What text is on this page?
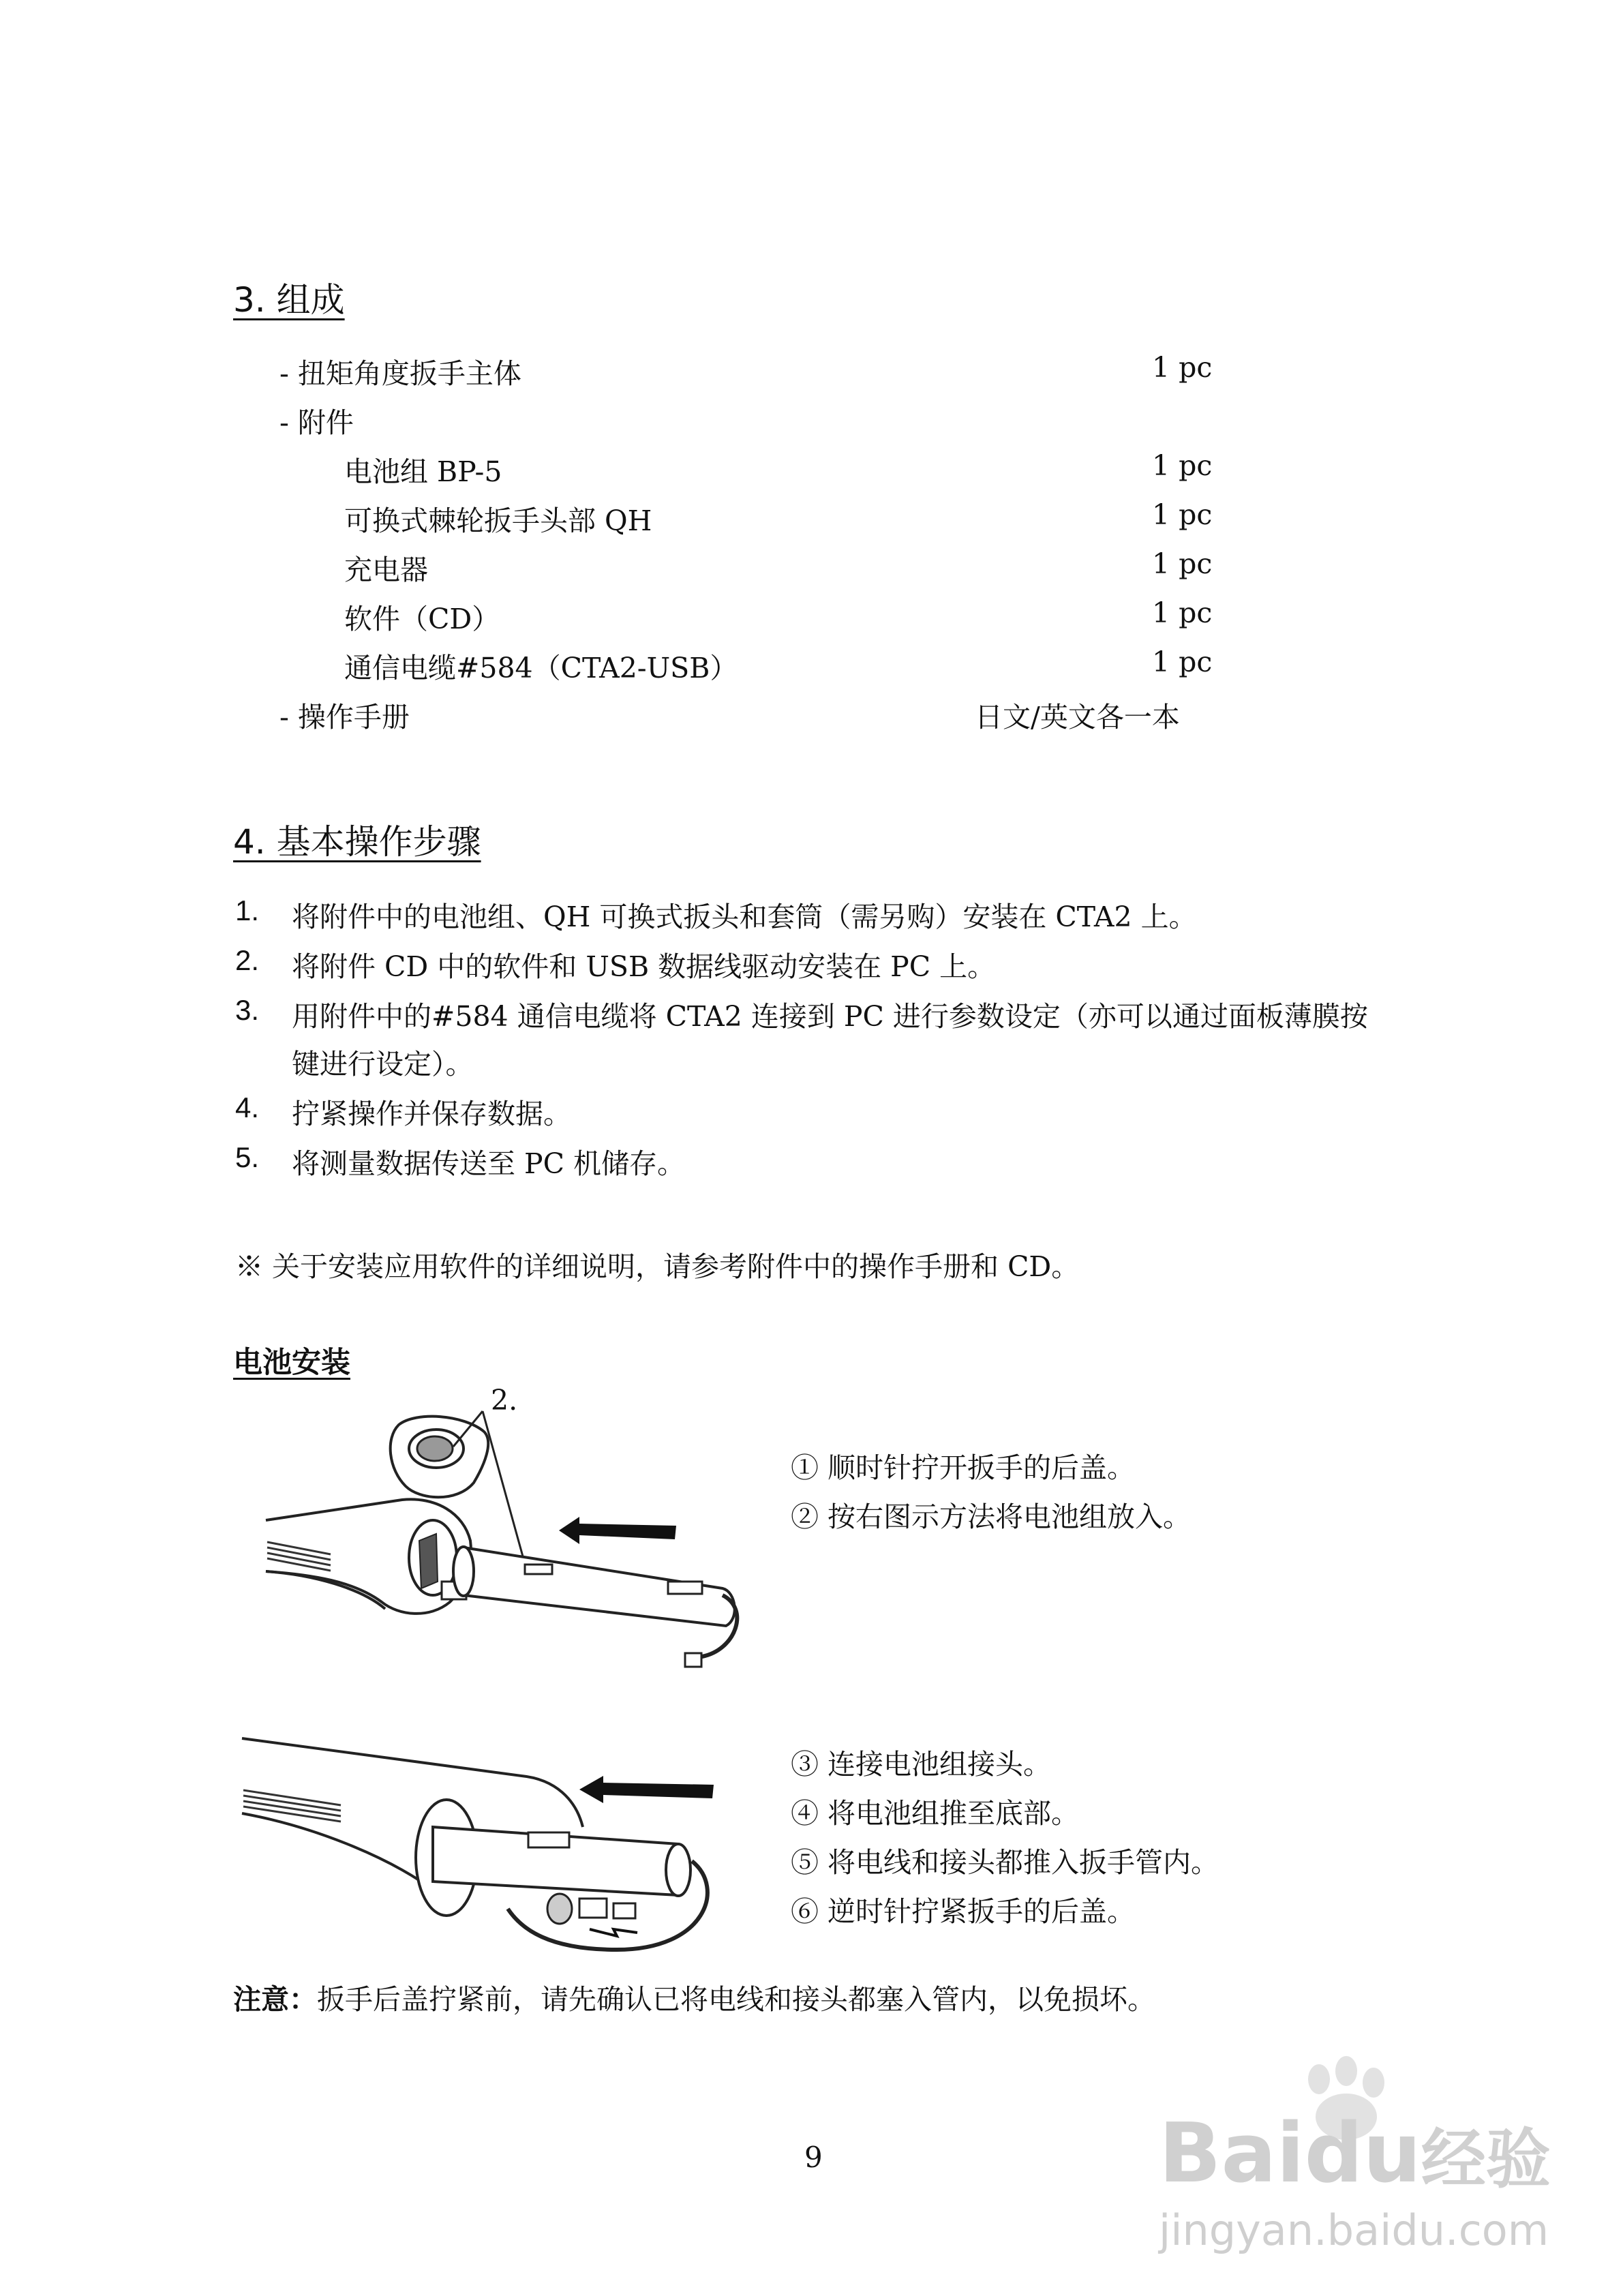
3. 组成
- 扭矩角度扳手主体	1 pc
- 附件
电池组 BP-5	1 pc
可换式棘轮扳手头部 QH	1 pc
充电器	1 pc
软件（CD）	1 pc
通信电缆#584（CTA2-USB）	1 pc
- 操作手册	日文/英文各一本
4. 基本操作步骤
1. 将附件中的电池组、QH 可换式扳头和套筒（需另购）安装在 CTA2 上。
2. 将附件 CD 中的软件和 USB 数据线驱动安装在 PC 上。
3. 用附件中的#584 通信电缆将 CTA2 连接到 PC 进行参数设定（亦可以通过面板薄膜按
键进行设定）。
4. 拧紧操作并保存数据。
5. 将测量数据传送至 PC 机储存。
※ 关于安装应用软件的详细说明，请参考附件中的操作手册和 CD。
电池安装
2.
① 顺时针拧开扳手的后盖。
② 按右图示方法将电池组放入。
③ 连接电池组接头。
④ 将电池组推至底部。
⑤ 将电线和接头都推入扳手管内。
⑥ 逆时针拧紧扳手的后盖。
注意：扳手后盖拧紧前，请先确认已将电线和接头都塞入管内，以免损坏。
9	Baidu经验
jingyan.baidu.com
